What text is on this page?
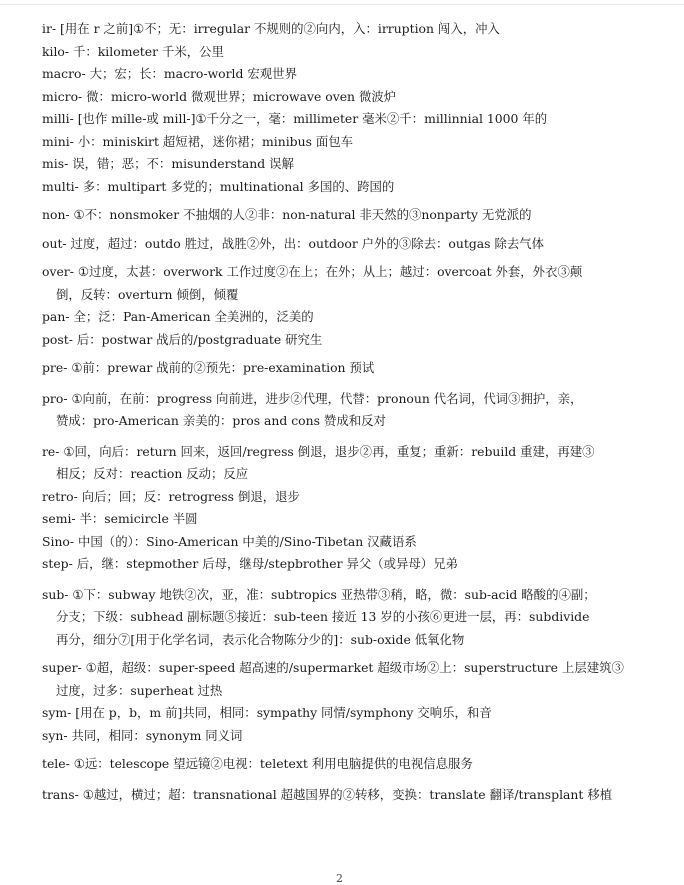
ir- [用在 r 之前]①不；无：irregular 不规则的②向内，入：irruption 闯入，冲入

kilo- 千：kilometer 千米，公里

macro- 大；宏；长：macro-world 宏观世界

micro- 微：micro-world 微观世界；microwave oven 微波炉

milli- [也作 mille-或 mill-]①千分之一，毫：millimeter 毫米②千：millinnial 1000 年的

mini- 小：miniskirt 超短裙，迷你裙；minibus 面包车

mis- 误，错；恶；不：misunderstand 误解

multi- 多：multipart 多党的；multinational 多国的、跨国的

non- ①不：nonsmoker 不抽烟的人②非：non-natural 非天然的③nonparty 无党派的

out- 过度，超过：outdo 胜过，战胜②外，出：outdoor 户外的③除去：outgas 除去气体

over- ①过度，太甚：overwork 工作过度②在上；在外；从上；越过：overcoat 外套，外衣③颠

倒，反转：overturn 倾倒，倾覆

pan- 全；泛：Pan-American 全美洲的，泛美的

post- 后：postwar 战后的/postgraduate 研究生

pre- ①前：prewar 战前的②预先：pre-examination 预试

pro- ①向前，在前：progress 向前进，进步②代理，代替：pronoun 代名词，代词③拥护，亲，

赞成：pro-American 亲美的：pros and cons 赞成和反对

re- ①回，向后：return 回来，返回/regress 倒退，退步②再，重复；重新：rebuild 重建，再建③

相反；反对：reaction 反动；反应

retro- 向后；回；反：retrogress 倒退，退步

semi- 半：semicircle 半圆

Sino- 中国（的）：Sino-American 中美的/Sino-Tibetan 汉藏语系

step- 后，继：stepmother 后母，继母/stepbrother 异父（或异母）兄弟

sub- ①下：subway 地铁②次，亚，准：subtropics 亚热带③稍，略，微：sub-acid 略酸的④副；

分支；下级：subhead 副标题⑤接近：sub-teen 接近 13 岁的小孩⑥更进一层，再：subdivide

再分，细分⑦[用于化学名词，表示化合物陈分少的]：sub-oxide 低氧化物

super- ①超，超级：super-speed 超高速的/supermarket 超级市场②上：superstructure 上层建筑③

过度，过多：superheat 过热

sym- [用在 p，b，m 前]共同，相同：sympathy 同情/symphony 交响乐，和音

syn- 共同，相同：synonym 同义词

tele- ①远：telescope 望远镜②电视：teletext 利用电脑提供的电视信息服务

trans- ①越过，横过；超：transnational 超越国界的②转移，变换：translate 翻译/transplant 移植

2
